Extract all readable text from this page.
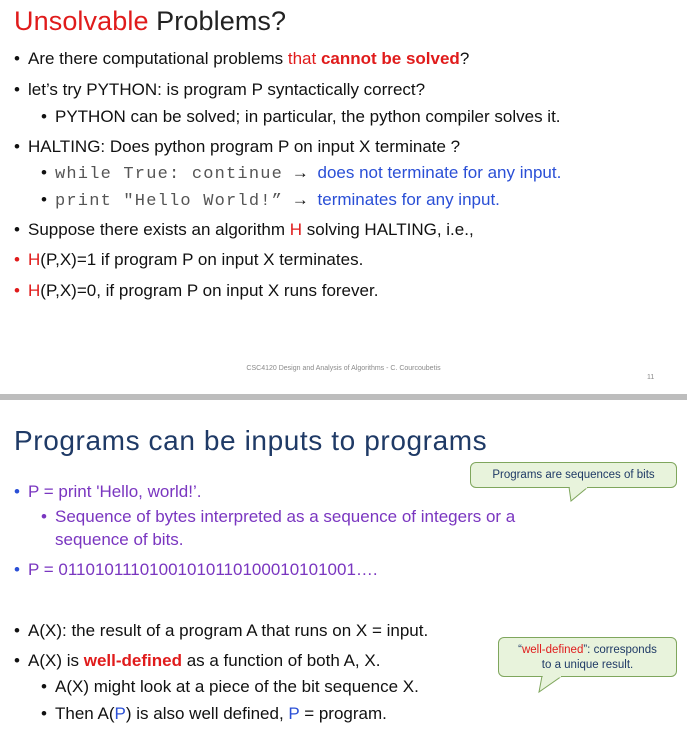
Unsolvable Problems?
• Are there computational problems that cannot be solved?
• let’s try PYTHON: is program P syntactically correct?
• PYTHON can be solved; in particular, the python compiler solves it.
• HALTING: Does python program P on input X terminate ?
• while True: continue → does not terminate for any input.
• print "Hello World!” → terminates for any input.
• Suppose there exists an algorithm H solving HALTING, i.e.,
• H(P,X)=1 if program P on input X terminates.
• H(P,X)=0, if program P on input X runs forever.
CSC4120 Design and Analysis of Algorithms - C. Courcoubetis
11
Programs can be inputs to programs
Programs are sequences of bits
• P = print 'Hello, world!’.
• Sequence of bytes interpreted as a sequence of integers or a
sequence of bits.
• P = 01101011101001010110100010101001….
• A(X): the result of a program A that runs on X = input.
• A(X) is well-defined as a function of both A, X.
• A(X) might look at a piece of the bit sequence X.
• Then A(P) is also well defined, P = program.
“well-defined”: corresponds
to a unique result.
